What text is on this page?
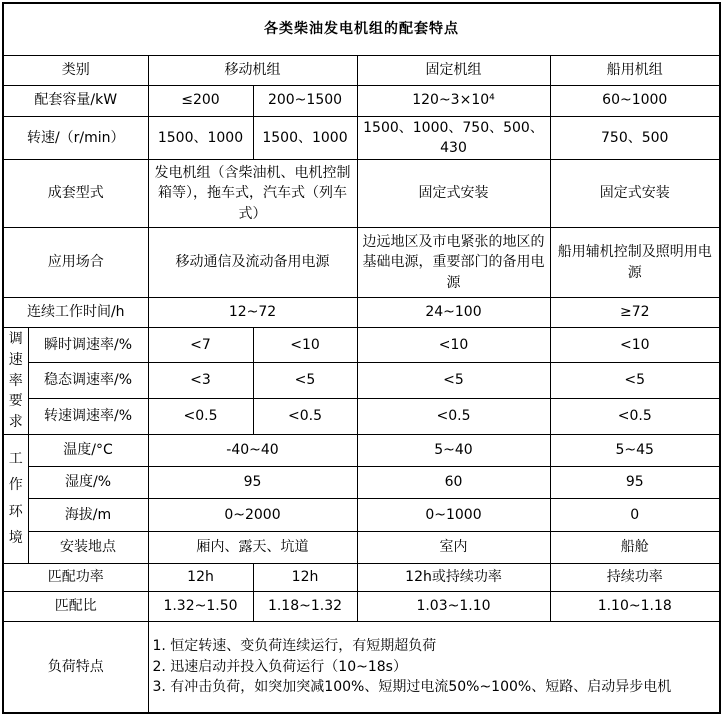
各类柴油发电机组的配套特点					
类别		移动机组		固定机组	船用机组
配套容量/kW		≤200	200~1500	120~3×10⁴	60~1000
转速/（r/min）		1500、1000	1500、1000	1500、1000、750、500、430	750、500
成套型式		发电机组（含柴油机、电机控制箱等），拖车式，汽车式（列车式）		固定式安装	固定式安装
应用场合		移动通信及流动备用电源		边远地区及市电紧张的地区的基础电源，重要部门的备用电源	船用辅机控制及照明用电源
连续工作时间/h		12~72		24~100	≥72
调速率要求	瞬时调速率/%	<7	<10	<10	<10
	稳态调速率/%	<3	<5	<5	<5
	转速调速率/%	<0.5	<0.5	<0.5	<0.5
工作环境	温度/°C	-40~40		5~40	5~45
	湿度/%	95		60	95
	海拔/m	0~2000		0~1000	0
	安装地点	厢内、露天、坑道		室内	船舱
匹配功率		12h	12h	12h或持续功率	持续功率
匹配比		1.32~1.50	1.18~1.32	1.03~1.10	1.10~1.18
负荷特点		1. 恒定转速、变负荷连续运行，有短期超负荷
2. 迅速启动并投入负荷运行（10~18s）
3. 有冲击负荷，如突加突减100%、短期过电流50%~100%、短路、启动异步电机			
